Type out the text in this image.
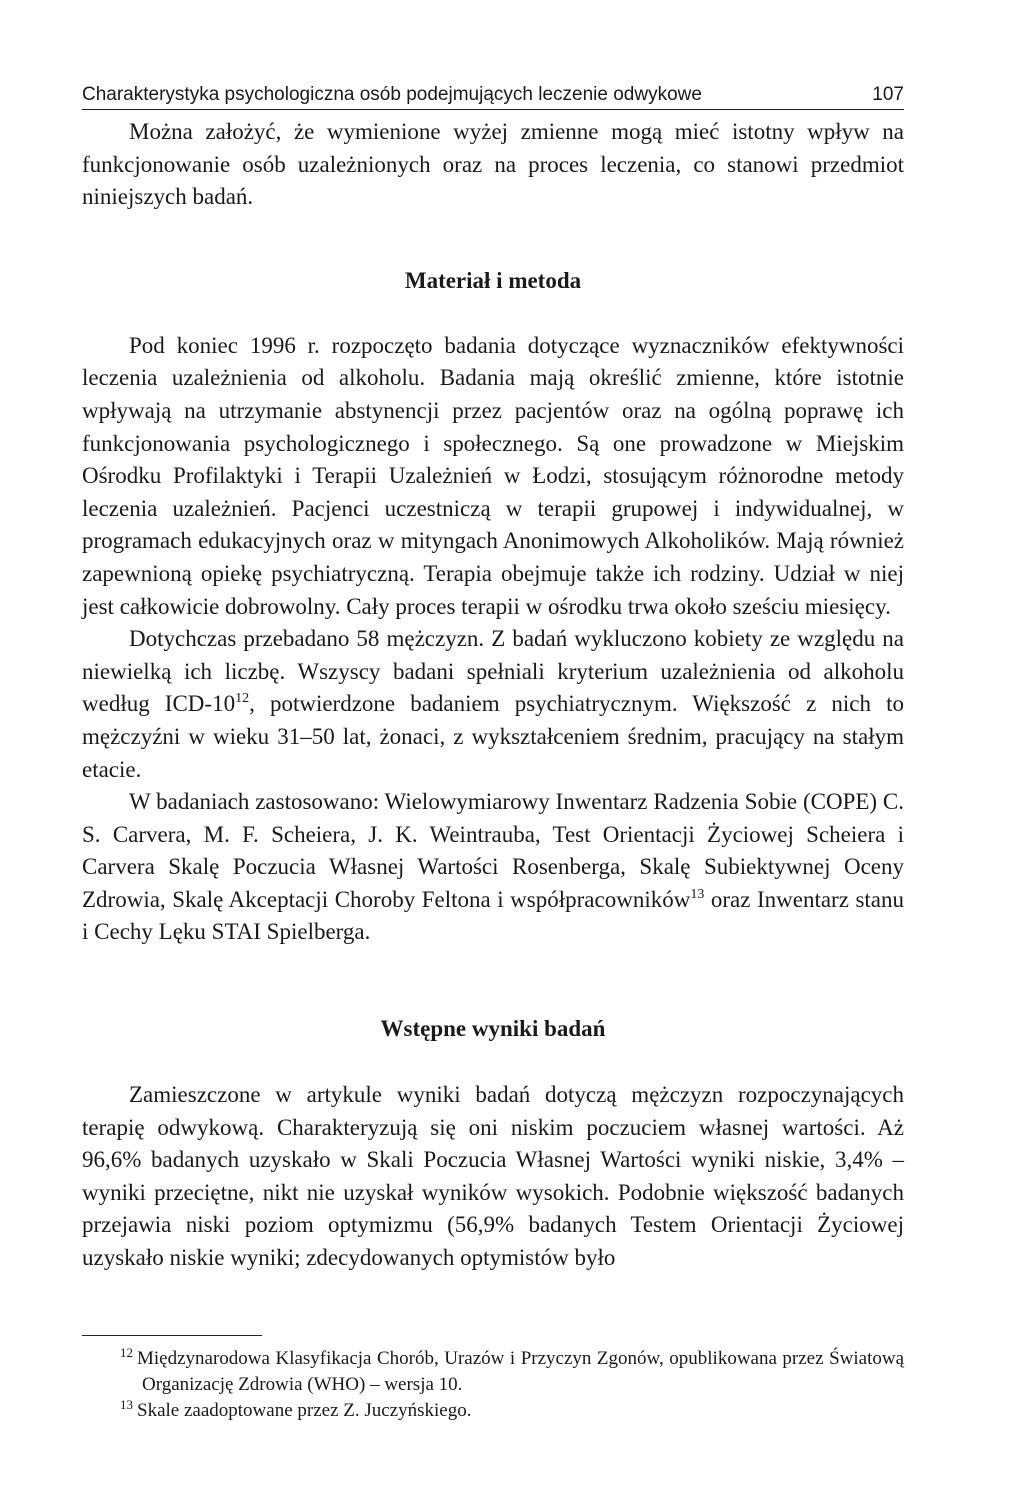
Charakterystyka psychologiczna osób podejmujących leczenie odwykowe	107

Można założyć, że wymienione wyżej zmienne mogą mieć istotny wpływ na funkcjonowanie osób uzależnionych oraz na proces leczenia, co stanowi przedmiot niniejszych badań.

Materiał i metoda

Pod koniec 1996 r. rozpoczęto badania dotyczące wyznaczników efektywności leczenia uzależnienia od alkoholu. Badania mają określić zmienne, które istotnie wpływają na utrzymanie abstynencji przez pacjentów oraz na ogólną poprawę ich funkcjonowania psychologicznego i społecznego. Są one prowadzone w Miejskim Ośrodku Profilaktyki i Terapii Uzależnień w Łodzi, stosującym różnorodne metody leczenia uzależnień. Pacjenci uczestniczą w terapii grupowej i indywidualnej, w programach edukacyjnych oraz w mityngach Anonimowych Alkoholików. Mają również zapewnioną opiekę psychiatryczną. Terapia obejmuje także ich rodziny. Udział w niej jest całkowicie dobrowolny. Cały proces terapii w ośrodku trwa około sześciu miesięcy.

Dotychczas przebadano 58 mężczyzn. Z badań wykluczono kobiety ze względu na niewielką ich liczbę. Wszyscy badani spełniali kryterium uzależnienia od alkoholu według ICD-$10^{12}$, potwierdzone badaniem psychiatrycznym. Większość z nich to mężczyźni w wieku 31–50 lat, żonaci, z wykształceniem średnim, pracujący na stałym etacie.

W badaniach zastosowano: Wielowymiarowy Inwentarz Radzenia Sobie (COPE) C. S. Carvera, M. F. Scheiera, J. K. Weintrauba, Test Orientacji Życiowej Scheiera i Carvera Skalę Poczucia Własnej Wartości Rosenberga, Skalę Subiektywnej Oceny Zdrowia, Skalę Akceptacji Choroby Feltona i współpracowników$^{13}$ oraz Inwentarz stanu i Cechy Lęku STAI Spielberga.

Wstępne wyniki badań

Zamieszczone w artykule wyniki badań dotyczą mężczyzn rozpoczynających terapię odwykową. Charakteryzują się oni niskim poczuciem własnej wartości. Aż 96,6% badanych uzyskało w Skali Poczucia Własnej Wartości wyniki niskie, 3,4% – wyniki przeciętne, nikt nie uzyskał wyników wysokich. Podobnie większość badanych przejawia niski poziom optymizmu (56,9% badanych Testem Orientacji Życiowej uzyskało niskie wyniki; zdecydowanych optymistów było

$^{12}$ Międzynarodowa Klasyfikacja Chorób, Urazów i Przyczyn Zgonów, opublikowana przez Światową Organizację Zdrowia (WHO) – wersja 10.
$^{13}$ Skale zaadoptowane przez Z. Juczyńskiego.
